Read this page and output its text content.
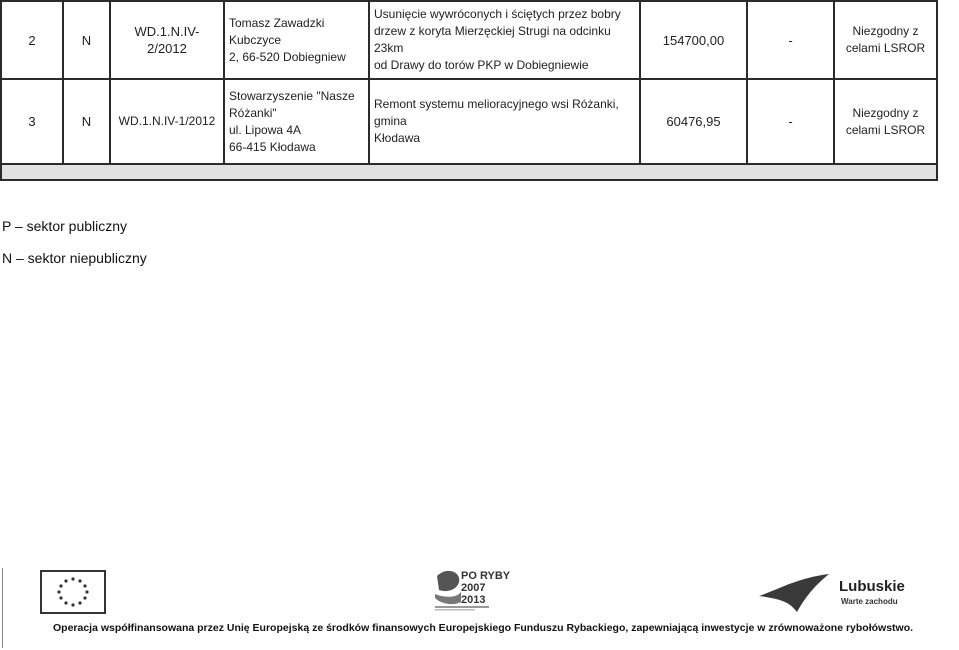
2	N	WD.1.N.IV-2/2012	Tomasz Zawadzki Kubczyce
2, 66-520 Dobiegniew	Usunięcie wywróconych i ściętych przez bobry
drzew z koryta Mierzęckiej Strugi na odcinku 23km
od Drawy do torów PKP w Dobiegniewie	154700,00	-	Niezgodny z
celami LSROR
3	N	WD.1.N.IV-1/2012	Stowarzyszenie "Nasze
Różanki"
ul. Lipowa 4A
66-415 Kłodawa	Remont systemu melioracyjnego wsi Różanki, gmina
Kłodawa	60476,95	-	Niezgodny z
celami LSROR

P – sektor publiczny
N – sektor niepubliczny
PO RYBY
2007
2013
Lubuskie
Warte zachodu
Operacja współfinansowana przez Unię Europejską ze środków finansowych Europejskiego Funduszu Rybackiego, zapewniającą inwestycje w zrównoważone rybołówstwo.
